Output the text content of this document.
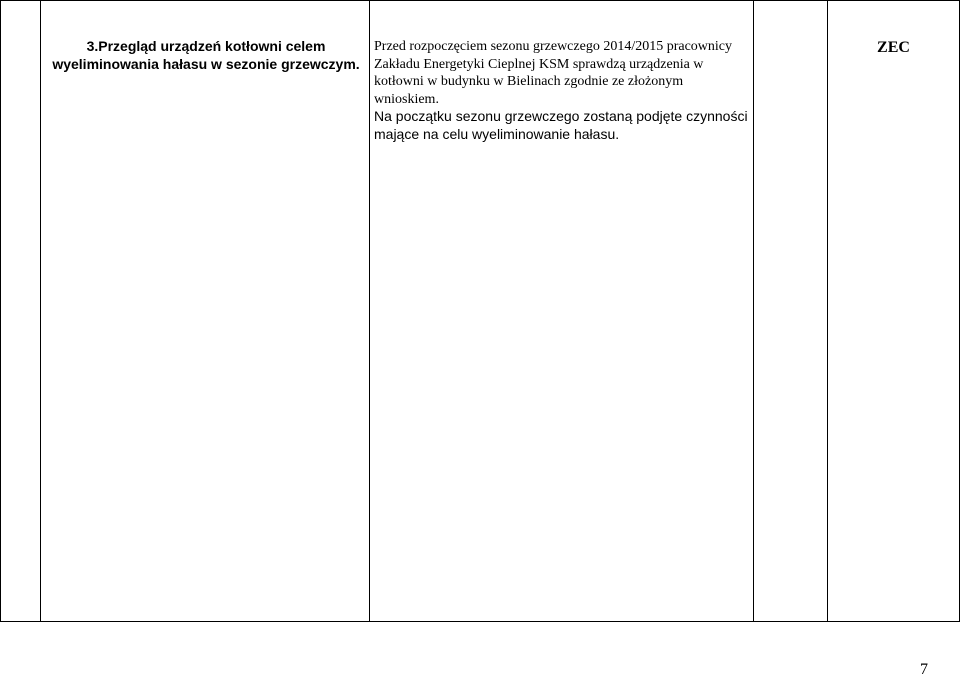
3.Przegląd urządzeń kotłowni celem wyeliminowania hałasu w sezonie grzewczym.

Przed rozpoczęciem sezonu grzewczego 2014/2015 pracownicy Zakładu Energetyki Cieplnej KSM sprawdzą urządzenia w kotłowni w budynku w Bielinach zgodnie ze złożonym wnioskiem.

Na początku sezonu grzewczego zostaną podjęte czynności mające na celu wyeliminowanie hałasu.

ZEC
7
